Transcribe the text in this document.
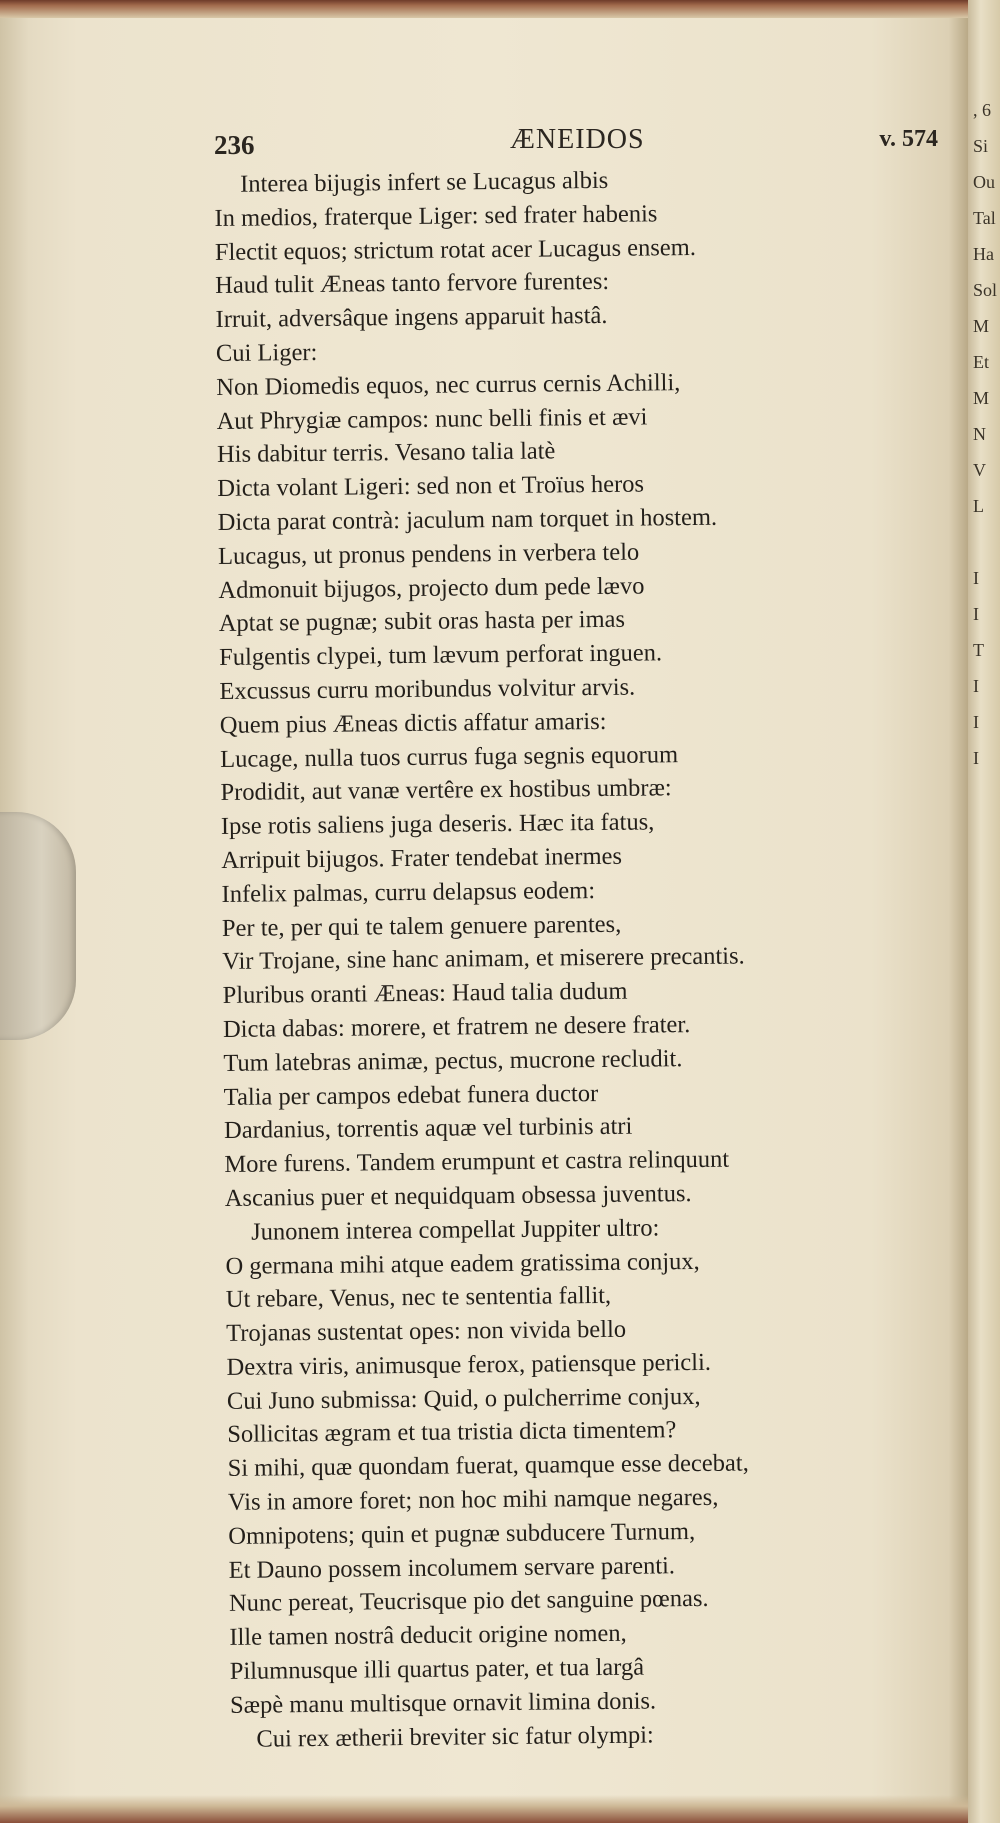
236	ÆNEIDOS	v. 574
Interea bijugis infert se Lucagus albis
In medios, fraterque Liger: sed frater habenis
Flectit equos; strictum rotat acer Lucagus ensem.
Haud tulit Æneas tanto fervore furentes:
Irruit, adversâque ingens apparuit hastâ.
Cui Liger:
Non Diomedis equos, nec currus cernis Achilli,
Aut Phrygiæ campos: nunc belli finis et ævi
His dabitur terris. Vesano talia latè
Dicta volant Ligeri: sed non et Troïus heros
Dicta parat contrà: jaculum nam torquet in hostem.
Lucagus, ut pronus pendens in verbera telo
Admonuit bijugos, projecto dum pede lævo
Aptat se pugnæ; subit oras hasta per imas
Fulgentis clypei, tum lævum perforat inguen.
Excussus curru moribundus volvitur arvis.
Quem pius Æneas dictis affatur amaris:
Lucage, nulla tuos currus fuga segnis equorum
Prodidit, aut vanæ vertêre ex hostibus umbræ:
Ipse rotis saliens juga deseris. Hæc ita fatus,
Arripuit bijugos. Frater tendebat inermes
Infelix palmas, curru delapsus eodem:
Per te, per qui te talem genuere parentes,
Vir Trojane, sine hanc animam, et miserere precantis.
Pluribus oranti Æneas: Haud talia dudum
Dicta dabas: morere, et fratrem ne desere frater.
Tum latebras animæ, pectus, mucrone recludit.
Talia per campos edebat funera ductor
Dardanius, torrentis aquæ vel turbinis atri
More furens. Tandem erumpunt et castra relinquunt
Ascanius puer et nequidquam obsessa juventus.
Junonem interea compellat Juppiter ultro:
O germana mihi atque eadem gratissima conjux,
Ut rebare, Venus, nec te sententia fallit,
Trojanas sustentat opes: non vivida bello
Dextra viris, animusque ferox, patiensque pericli.
Cui Juno submissa: Quid, o pulcherrime conjux,
Sollicitas ægram et tua tristia dicta timentem?
Si mihi, quæ quondam fuerat, quamque esse decebat,
Vis in amore foret; non hoc mihi namque negares,
Omnipotens; quin et pugnæ subducere Turnum,
Et Dauno possem incolumem servare parenti.
Nunc pereat, Teucrisque pio det sanguine pœnas.
Ille tamen nostrâ deducit origine nomen,
Pilumnusque illi quartus pater, et tua largâ
Sæpè manu multisque ornavit limina donis.
Cui rex ætherii breviter sic fatur olympi:
, 6
Si
Ou
Tal
Ha
Sol
M
Et
M
N
V
L
I
I
T
I
I
I
